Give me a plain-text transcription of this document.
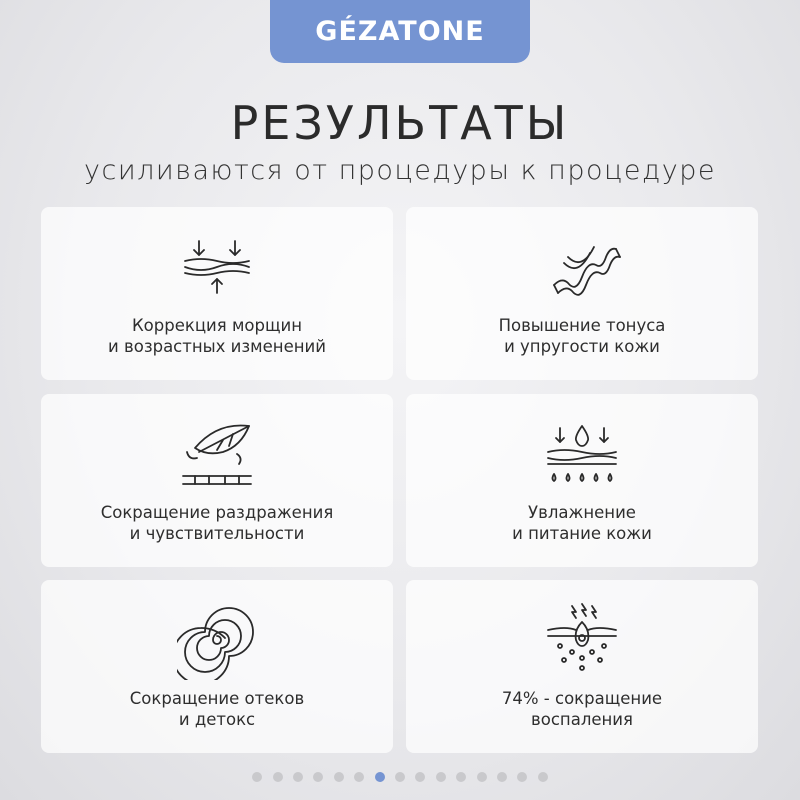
GÉZATONE
РЕЗУЛЬТАТЫ
усиливаются от процедуры к процедуре
Коррекция морщин
и возрастных изменений
Повышение тонуса
и упругости кожи
Сокращение раздражения
и чувствительности
Увлажнение
и питание кожи
Сокращение отеков
и детокс
74% - сокращение
воспаления
